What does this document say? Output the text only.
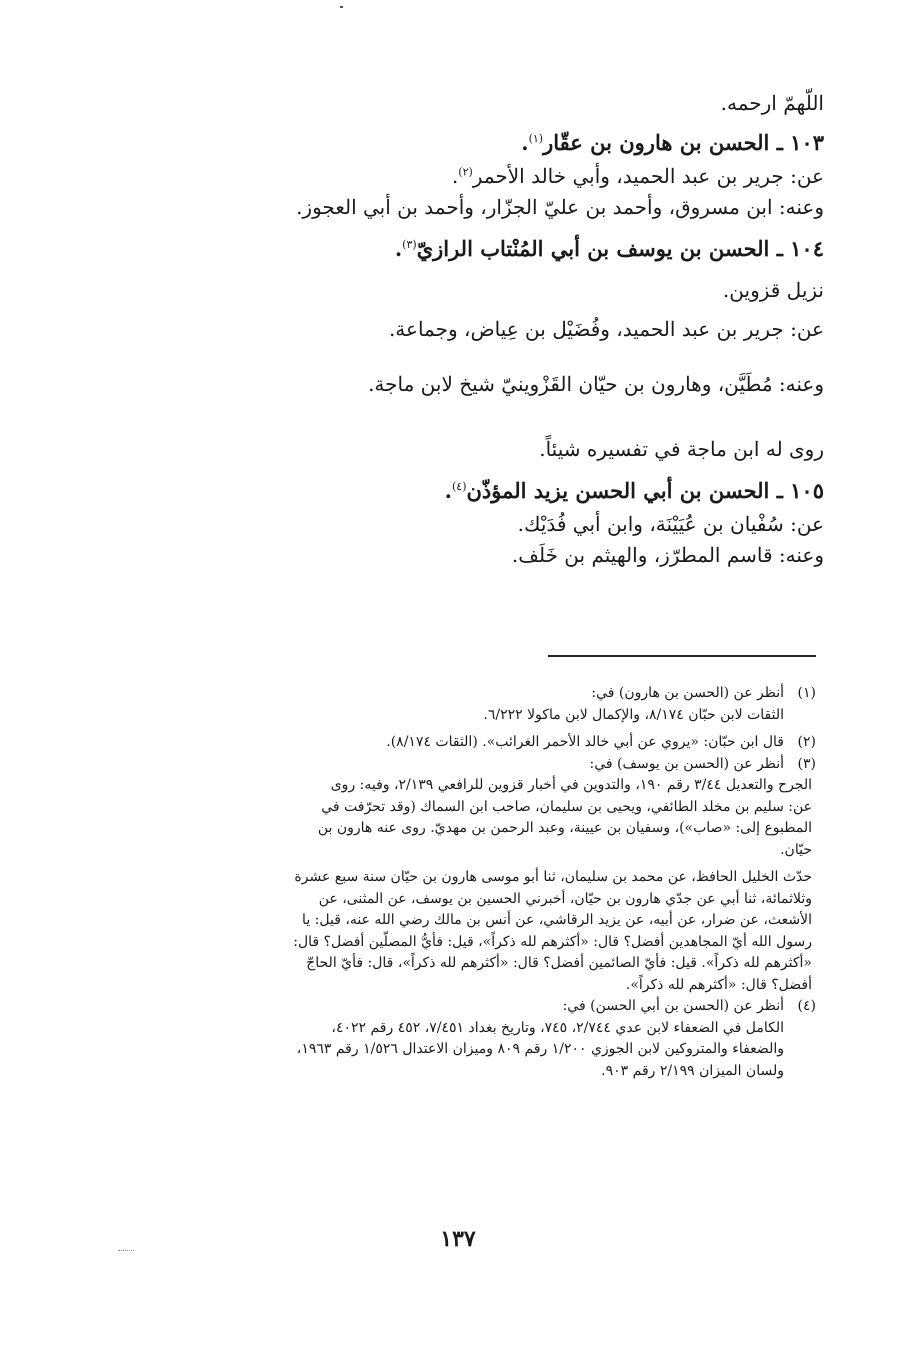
اللّهمّ ارحمه.
١٠٣ ـ الحسن بن هارون بن عقّار$^{(١)}$.
عن: جرير بن عبد الحميد، وأبي خالد الأحمر$^{(٢)}$.
وعنه: ابن مسروق، وأحمد بن عليّ الجزّار، وأحمد بن أبي العجوز.
١٠٤ ـ الحسن بن يوسف بن أبي المُنْتاب الرازيّ$^{(٣)}$.
نزيل قزوين.
عن: جرير بن عبد الحميد، وفُضَيْل بن عِياض، وجماعة.
وعنه: مُطَيَّن، وهارون بن حيّان القَزْوينيّ شيخ لابن ماجة.
روى له ابن ماجة في تفسيره شيئاً.
١٠٥ ـ الحسن بن أبي الحسن يزيد المؤذّن$^{(٤)}$.
عن: سُفْيان بن عُيَيْنَة، وابن أبي فُدَيْك.
وعنه: قاسم المطرّز، والهيثم بن خَلَف.
(١)
أنظر عن (الحسن بن هارون) في:
الثقات لابن حبّان ٨/١٧٤، والإكمال لابن ماكولا ٦/٢٢٢.
(٢)
قال ابن حبّان: «يروي عن أبي خالد الأحمر الغرائب». (الثقات ٨/١٧٤).
(٣)
أنظر عن (الحسن بن يوسف) في:
الجرح والتعديل ٣/٤٤ رقم ١٩٠، والتدوين في أخبار قزوين للرافعي ٢/١٣٩، وفيه: روى
عن: سليم بن مخلد الطائفي، ويحيى بن سليمان، صاحب ابن السماك (وقد تحرّفت في
المطبوع إلى: «صاب»)، وسفيان بن عيينة، وعبد الرحمن بن مهديّ. روى عنه هارون بن
حيّان.
حدّث الخليل الحافظ، عن محمد بن سليمان، ثنا أبو موسى هارون بن حيّان سنة سبع عشرة
وثلاثمائة، ثنا أبي عن جدّي هارون بن حيّان، أخبرني الحسين بن يوسف، عن المثنى، عن
الأشعث، عن ضرار، عن أبيه، عن يزيد الرقاشي، عن أنس بن مالك رضي الله عنه، قيل: يا
رسول الله أيّ المجاهدين أفضل؟ قال: «أكثرهم لله ذكراً»، قيل: فأيُّ المصلّين أفضل؟ قال:
«أكثرهم لله ذكراً». قيل: فأيّ الصائمين أفضل؟ قال: «أكثرهم لله ذكراً»، قال: فأيّ الحاجّ
أفضل؟ قال: «أكثرهم لله ذكراً».
(٤)
أنظر عن (الحسن بن أبي الحسن) في:
الكامل في الضعفاء لابن عدي ٢/٧٤٤، ٧٤٥، وتاريخ بغداد ٧/٤٥١، ٤٥٢ رقم ٤٠٢٢،
والضعفاء والمتروكين لابن الجوزي ١/٢٠٠ رقم ٨٠٩ وميزان الاعتدال ١/٥٢٦ رقم ١٩٦٣،
ولسان الميزان ٢/١٩٩ رقم ٩٠٣.
١٣٧
